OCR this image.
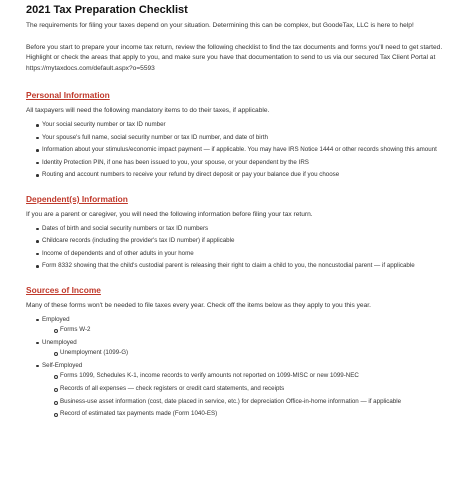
2021 Tax Preparation Checklist

The requirements for filing your taxes depend on your situation. Determining this can be complex, but GoodeTax, LLC is here to help!

Before you start to prepare your income tax return, review the following checklist to find the tax documents and forms you'll need to get started. Highlight or check the areas that apply to you, and make sure you have that documentation to send to us via our secured Tax Client Portal at https://mytaxdocs.com/default.aspx?o=5593

Personal Information

All taxpayers will need the following mandatory items to do their taxes, if applicable.

Your social security number or tax ID number
Your spouse's full name, social security number or tax ID number, and date of birth
Information about your stimulus/economic impact payment — if applicable. You may have IRS Notice 1444 or other records showing this amount
Identity Protection PIN, if one has been issued to you, your spouse, or your dependent by the IRS
Routing and account numbers to receive your refund by direct deposit or pay your balance due if you choose
Dependent(s) Information

If you are a parent or caregiver, you will need the following information before filing your tax return.

Dates of birth and social security numbers or tax ID numbers
Childcare records (including the provider's tax ID number) if applicable
Income of dependents and of other adults in your home
Form 8332 showing that the child's custodial parent is releasing their right to claim a child to you, the noncustodial parent — if applicable
Sources of Income

Many of these forms won't be needed to file taxes every year. Check off the items below as they apply to you this year.

Employed
Forms W-2
Unemployed
Unemployment (1099-G)
Self-Employed
Forms 1099, Schedules K-1, income records to verify amounts not reported on 1099-MISC or new 1099-NEC
Records of all expenses — check registers or credit card statements, and receipts
Business-use asset information (cost, date placed in service, etc.) for depreciation Office-in-home information — if applicable
Record of estimated tax payments made (Form 1040-ES)
